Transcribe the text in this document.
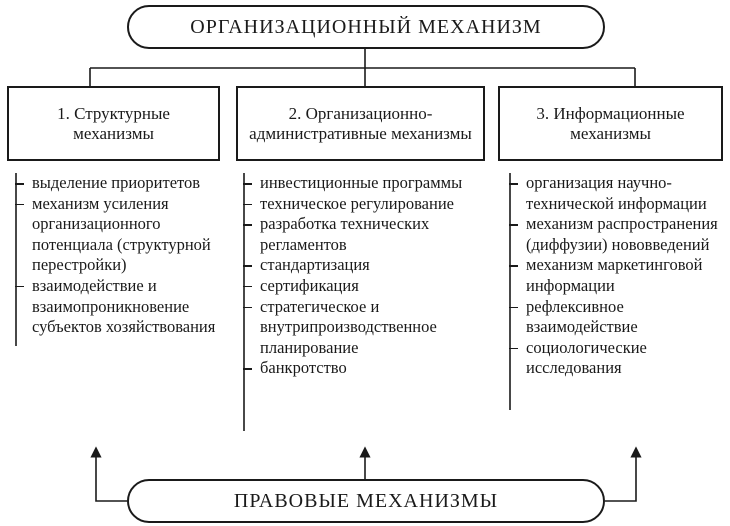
ОРГАНИЗАЦИОННЫЙ МЕХАНИЗМ
1. Структурные механизмы
2. Организационно-административные механизмы
3. Информационные механизмы
выделение приоритетов
механизм усиления организационного потенциала (структурной перестройки)
взаимодействие и взаимопроникновение субъектов хозяйствования
инвестиционные программы
техническое регулирование
разработка технических регламентов
стандартизация
сертификация
стратегическое и внутрипроизводственное планирование
банкротство
организация научно-технической информации
механизм распространения (диффузии) нововведений
механизм маркетинговой информации
рефлексивное взаимодействие
социологические исследования
ПРАВОВЫЕ МЕХАНИЗМЫ
